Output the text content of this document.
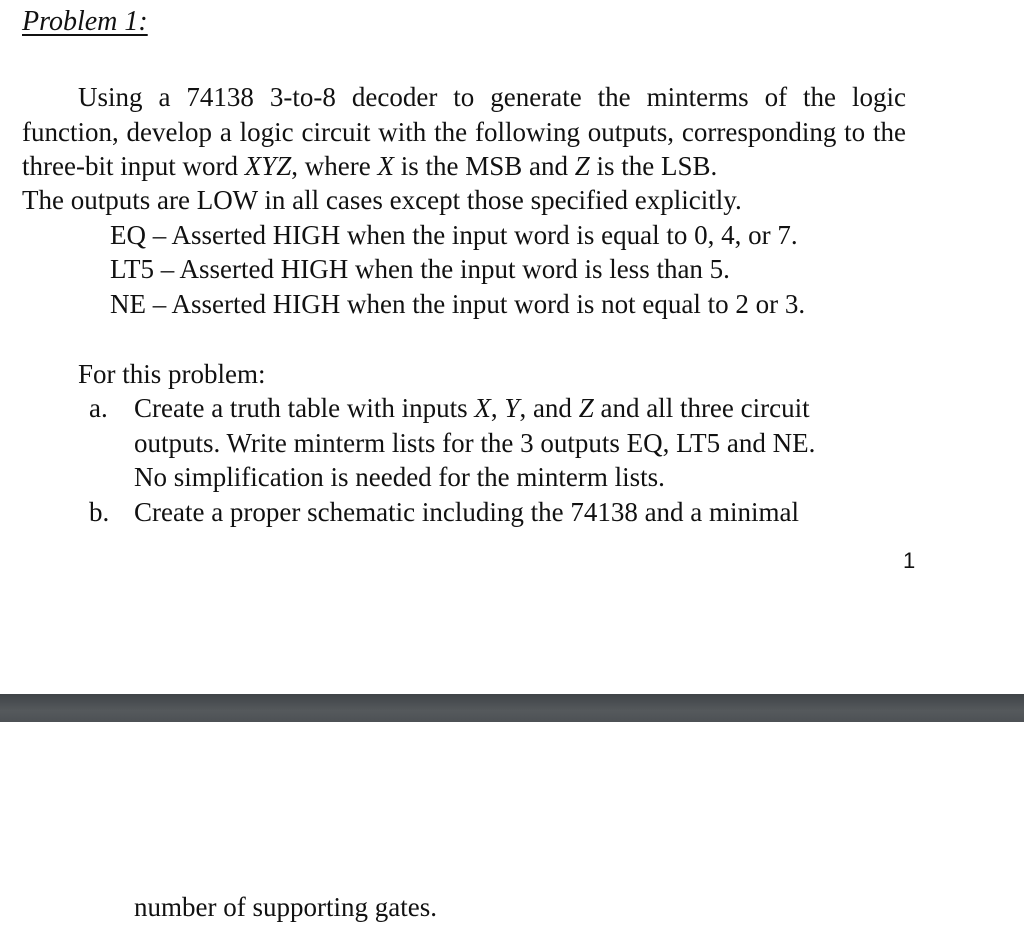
Problem 1:

Using a 74138 3-to-8 decoder to generate the minterms of the logic function, develop a logic circuit with the following outputs, corresponding to the three-bit input word XYZ, where X is the MSB and Z is the LSB.

The outputs are LOW in all cases except those specified explicitly.
EQ – Asserted HIGH when the input word is equal to 0, 4, or 7.
LT5 – Asserted HIGH when the input word is less than 5.
NE – Asserted HIGH when the input word is not equal to 2 or 3.
For this problem:
a. Create a truth table with inputs X, Y, and Z and all three circuit
outputs. Write minterm lists for the 3 outputs EQ, LT5 and NE.
No simplification is needed for the minterm lists.
b. Create a proper schematic including the 74138 and a minimal
1
number of supporting gates.
